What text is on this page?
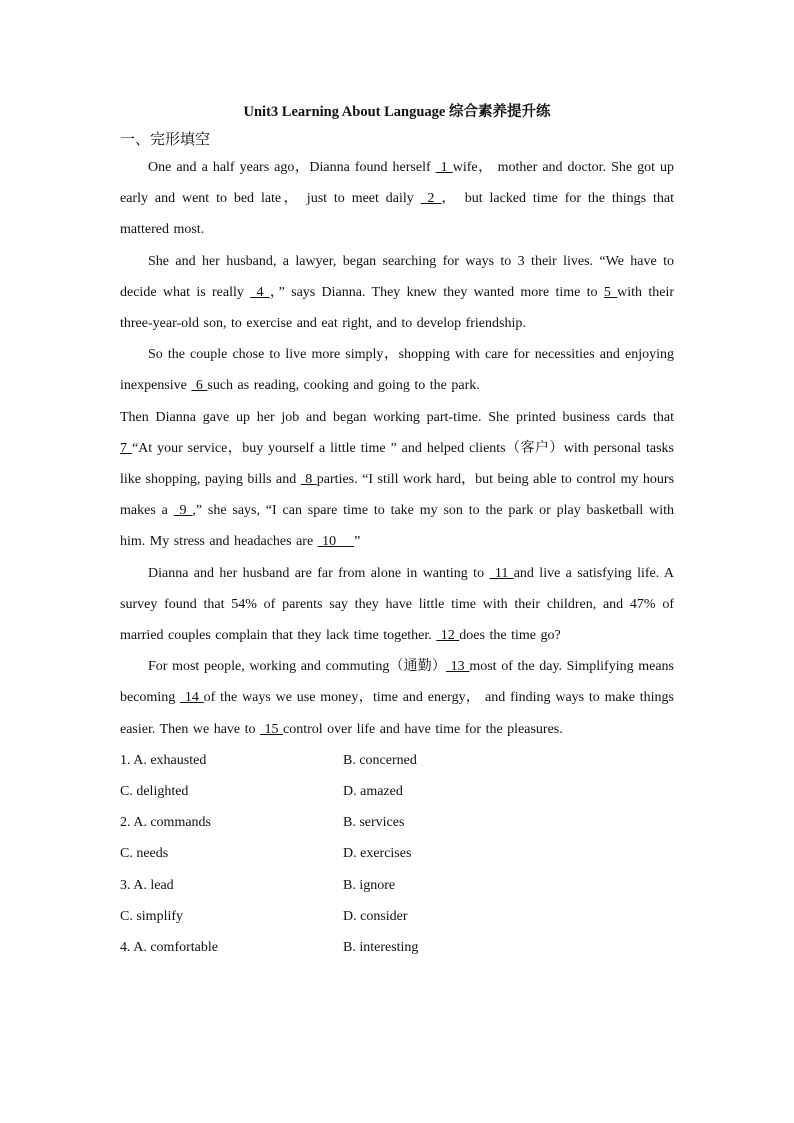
Unit3 Learning About Language 综合素养提升练
一、完形填空

One and a half years ago，Dianna found herself  1 wife， mother and doctor. She got up early and went to bed late， just to meet daily  2 ， but lacked time for the things that mattered most.

She and her husband, a lawyer, began searching for ways to 3 their lives. “We have to decide what is really  4 ，” says Dianna. They knew they wanted more time to 5 with their three-year-old son, to exercise and eat right, and to develop friendship.

So the couple chose to live more simply，shopping with care for necessities and enjoying inexpensive  6 such as reading, cooking and going to the park.

Then Dianna gave up her job and began working part-time. She printed business cards that 7 “At your service，buy yourself a little time ” and helped clients（客户）with personal tasks like shopping, paying bills and  8 parties. “I still work hard，but being able to control my hours makes a  9 ,” she says, “I can spare time to take my son to the park or play basketball with him. My stress and headaches are  10    ”

Dianna and her husband are far from alone in wanting to  11 and live a satisfying life. A survey found that 54% of parents say they have little time with their children, and 47% of married couples complain that they lack time together.  12 does the time go?

For most people, working and commuting（通勤） 13 most of the day. Simplifying means becoming  14 of the ways we use money，time and energy， and finding ways to make things easier. Then we have to  15 control over life and have time for the pleasures.

1. A. exhausted	B. concerned
C. delighted	D. amazed
2. A. commands	B. services
C. needs	D. exercises
3. A. lead	B. ignore
C. simplify	D. consider
4. A. comfortable	B. interesting
